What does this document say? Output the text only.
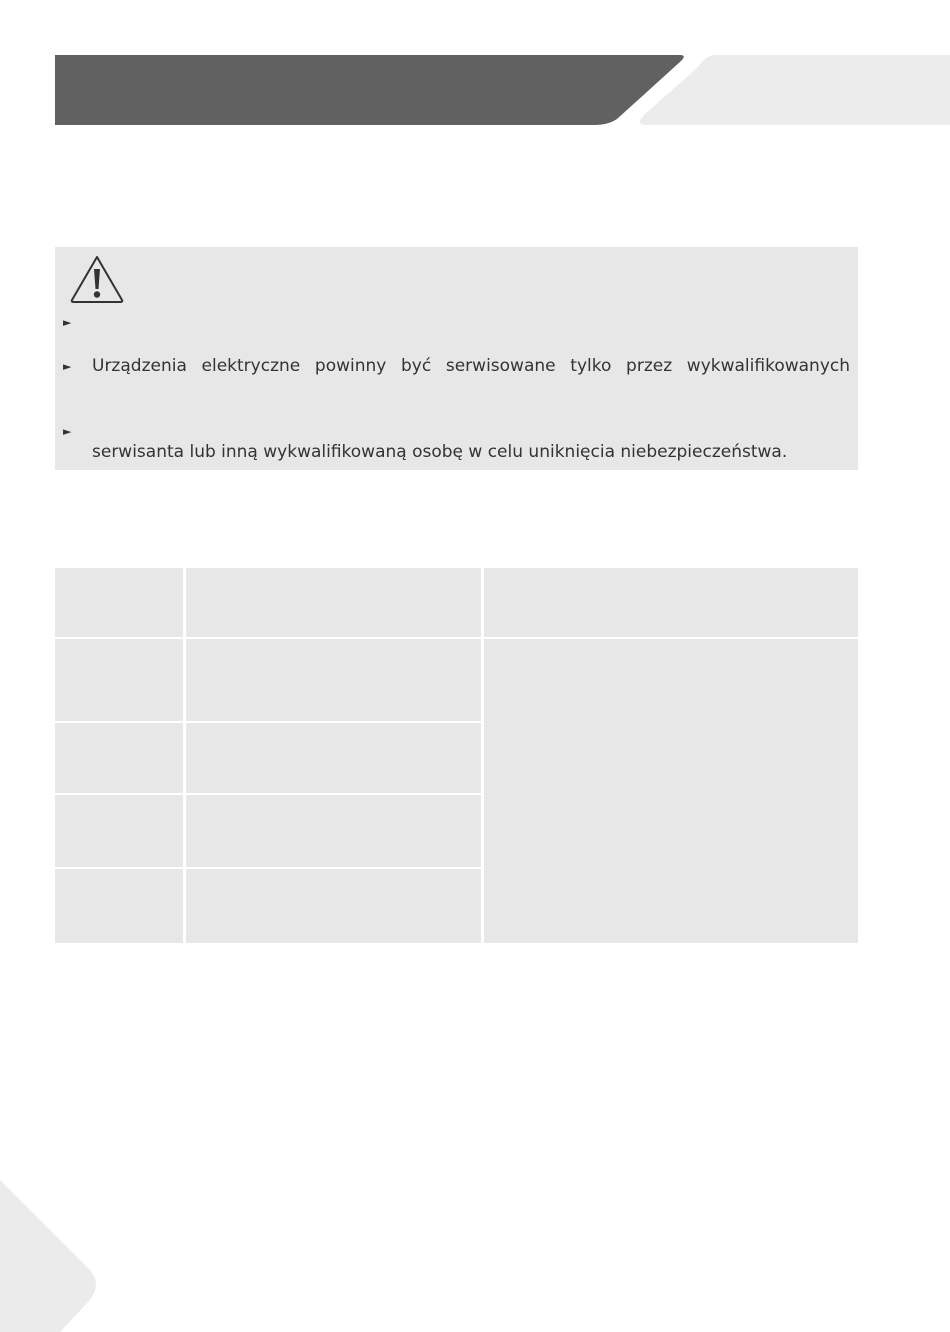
►
► Urządzenia elektryczne powinny być serwisowane tylko przez wykwalifikowanych
►
serwisanta lub inną wykwalifikowaną osobę w celu uniknięcia niebezpieczeństwa.
